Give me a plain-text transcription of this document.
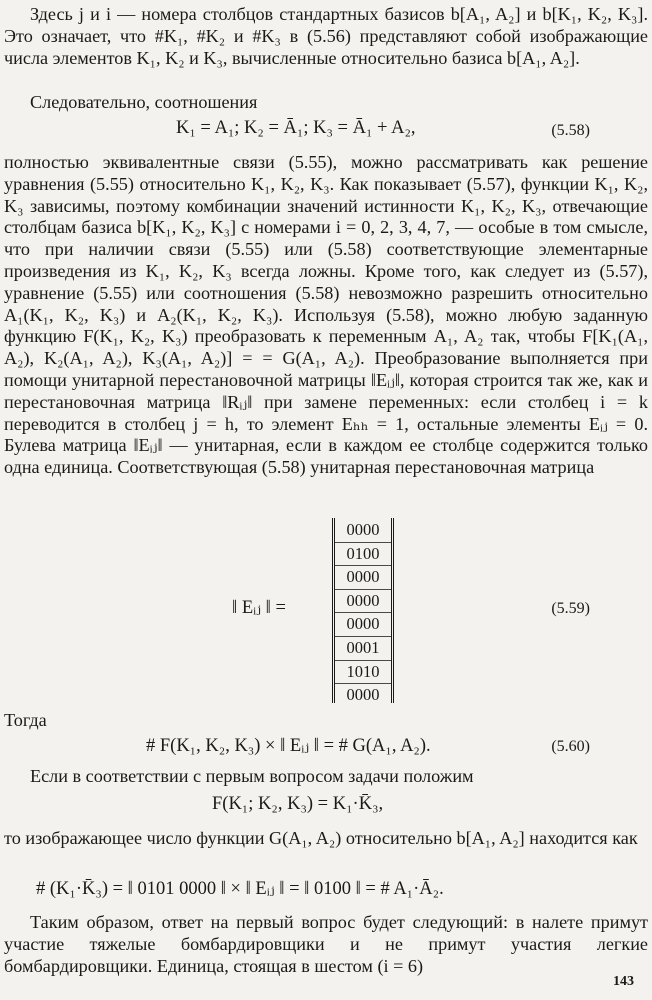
Здесь j и i — номера столбцов стандартных базисов b[A₁, A₂] и b[K₁, K₂, K₃]. Это означает, что #K₁, #K₂ и #K₃ в (5.56) представляют собой изображающие числа элементов K₁, K₂ и K₃, вычисленные относительно базиса b[A₁, A₂].

Следовательно, соотношения

K₁ = A₁; K₂ = Ā₁; K₃ = Ā₁ + A₂,	(5.58)

полностью эквивалентные связи (5.55), можно рассматривать как решение уравнения (5.55) относительно K₁, K₂, K₃. Как показывает (5.57), функции K₁, K₂, K₃ зависимы, поэтому комбинации значений истинности K₁, K₂, K₃, отвечающие столбцам базиса b[K₁, K₂, K₃] с номерами i = 0, 2, 3, 4, 7, — особые в том смысле, что при наличии связи (5.55) или (5.58) соответствующие элементарные произведения из K₁, K₂, K₃ всегда ложны. Кроме того, как следует из (5.57), уравнение (5.55) или соотношения (5.58) невозможно разрешить относительно A₁(K₁, K₂, K₃) и A₂(K₁, K₂, K₃). Используя (5.58), можно любую заданную функцию F(K₁, K₂, K₃) преобразовать к переменным A₁, A₂ так, чтобы F[K₁(A₁, A₂), K₂(A₁, A₂), K₃(A₁, A₂)] = = G(A₁, A₂). Преобразование выполняется при помощи унитарной перестановочной матрицы ‖Eᵢⱼ‖, которая строится так же, как и перестановочная матрица ‖Rᵢⱼ‖ при замене переменных: если столбец i = k переводится в столбец j = h, то элемент Eₕₕ = 1, остальные элементы Eᵢⱼ = 0. Булева матрица ‖Eᵢⱼ‖ — унитарная, если в каждом ее столбце содержится только одна единица. Соответствующая (5.58) унитарная перестановочная матрица

‖ Eᵢⱼ ‖ =
0000
0100
0000
0000
0000
0001
1010
0000
(5.59)

Тогда

# F(K₁, K₂, K₃) × ‖ Eᵢⱼ ‖ = # G(A₁, A₂).	(5.60)

Если в соответствии с первым вопросом задачи положим

F(K₁; K₂, K₃) = K₁·K̄₃,

то изображающее число функции G(A₁, A₂) относительно b[A₁, A₂] находится как

# (K₁·K̄₃) = ‖ 0101 0000 ‖ × ‖ Eᵢⱼ ‖ = ‖ 0100 ‖ = # A₁·Ā₂.

Таким образом, ответ на первый вопрос будет следующий: в налете примут участие тяжелые бомбардировщики и не примут участия легкие бомбардировщики. Единица, стоящая в шестом (i = 6)

143
